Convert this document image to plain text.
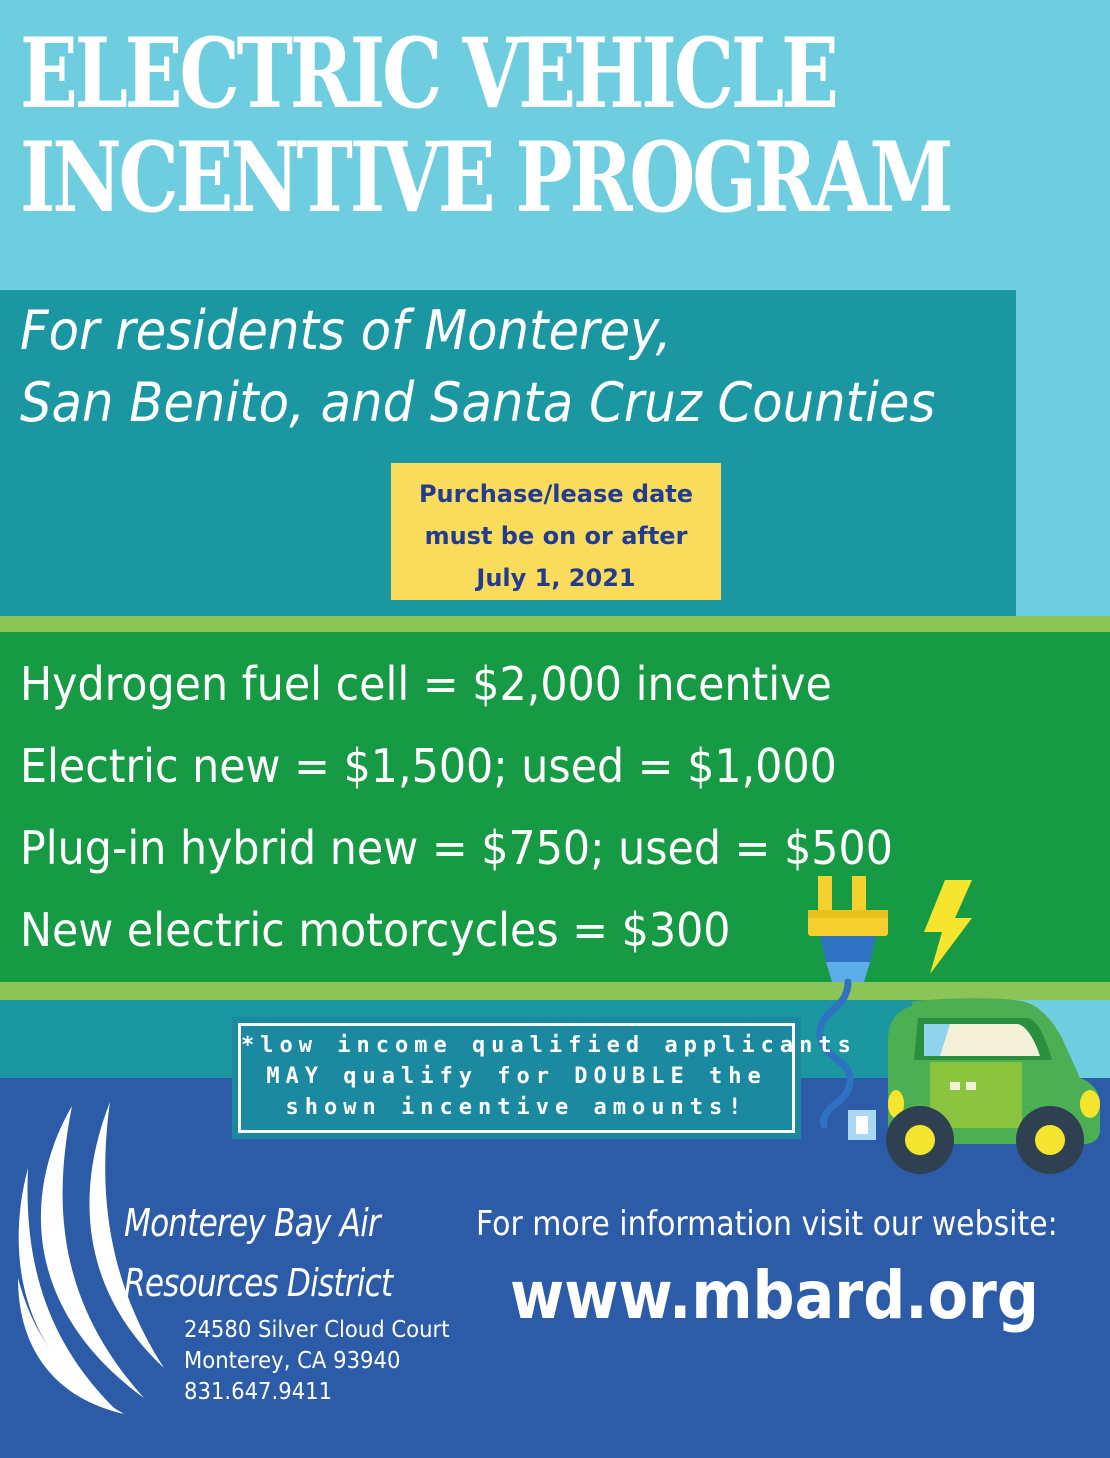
ELECTRIC VEHICLE
INCENTIVE PROGRAM

For residents of Monterey,

San Benito, and Santa Cruz Counties

Purchase/lease date
must be on or after
July 1, 2021

Hydrogen fuel cell = $2,000 incentive

Electric new = $1,500; used = $1,000

Plug-in hybrid new = $750; used = $500

New electric motorcycles = $300

*low income qualified applicants
MAY qualify for DOUBLE the
shown incentive amounts!

Monterey Bay Air

Resources District

24580 Silver Cloud Court

Monterey, CA 93940

831.647.9411

For more information visit our website:

www.mbard.org
